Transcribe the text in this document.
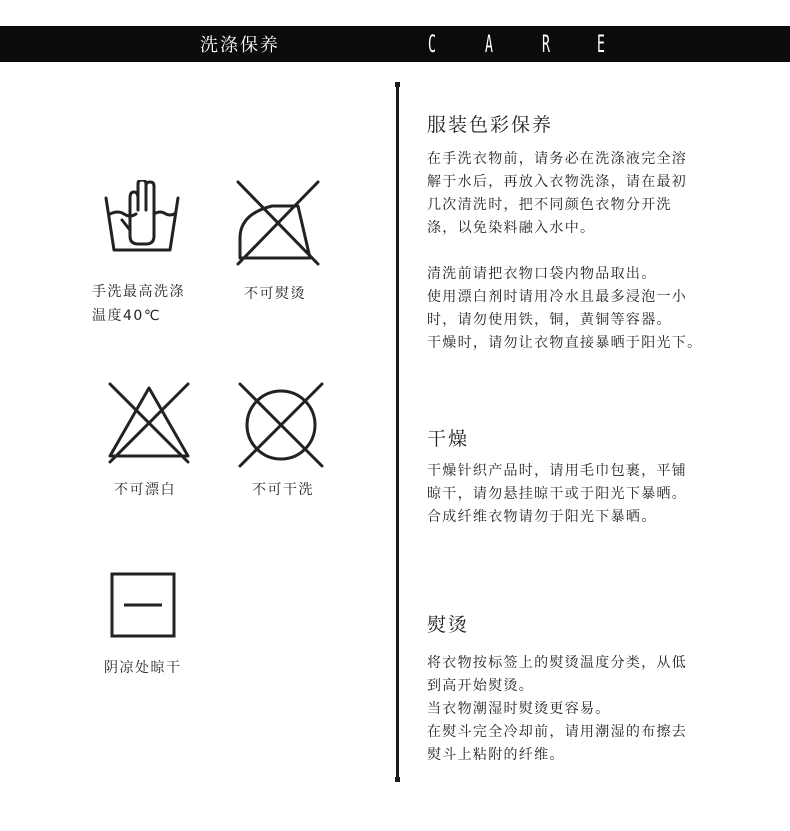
洗涤保养	C A R E
手洗最高洗涤
温度40℃
不可熨烫
不可漂白	不可干洗
阴凉处晾干
服装色彩保养

在手洗衣物前，请务必在洗涤液完全溶

解于水后，再放入衣物洗涤，请在最初

几次清洗时，把不同颜色衣物分开洗

涤，以免染料融入水中。

清洗前请把衣物口袋内物品取出。

使用漂白剂时请用冷水且最多浸泡一小

时，请勿使用铁，铜，黄铜等容器。

干燥时，请勿让衣物直接暴晒于阳光下。

干燥

干燥针织产品时，请用毛巾包裹，平铺

晾干，请勿悬挂晾干或于阳光下暴晒。

合成纤维衣物请勿于阳光下暴晒。

熨烫

将衣物按标签上的熨烫温度分类，从低

到高开始熨烫。

当衣物潮湿时熨烫更容易。

在熨斗完全冷却前，请用潮湿的布擦去

熨斗上粘附的纤维。
